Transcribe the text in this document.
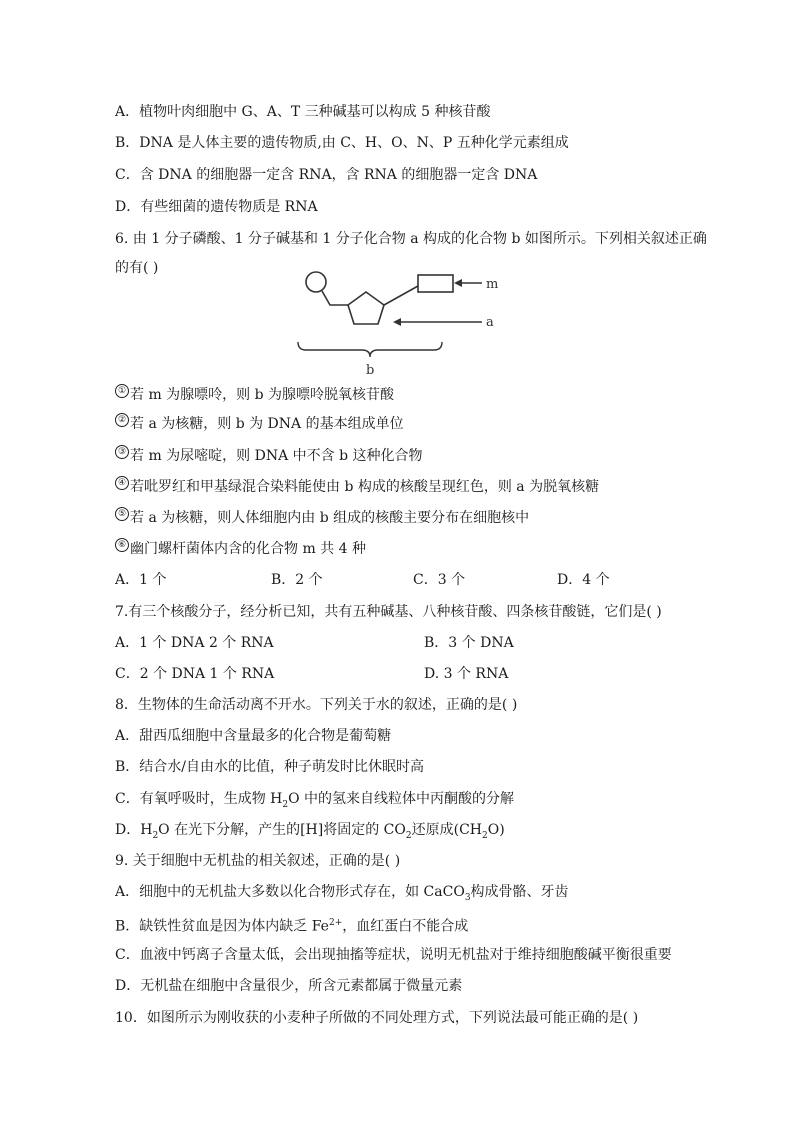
A．植物叶肉细胞中 G、A、T 三种碱基可以构成 5 种核苷酸
B．DNA 是人体主要的遗传物质,由 C、H、O、N、P 五种化学元素组成
C．含 DNA 的细胞器一定含 RNA，含 RNA 的细胞器一定含 DNA
D．有些细菌的遗传物质是 RNA
6. 由 1 分子磷酸、1 分子碱基和 1 分子化合物 a 构成的化合物 b 如图所示。下列相关叙述正确
的有( )
m
a
b
① 若 m 为腺嘌呤，则 b 为腺嘌呤脱氧核苷酸
② 若 a 为核糖，则 b 为 DNA 的基本组成单位
③ 若 m 为尿嘧啶，则 DNA 中不含 b 这种化合物
④ 若吡罗红和甲基绿混合染料能使由 b 构成的核酸呈现红色，则 a 为脱氧核糖
⑤ 若 a 为核糖，则人体细胞内由 b 组成的核酸主要分布在细胞核中
⑥ 幽门螺杆菌体内含的化合物 m 共 4 种
A．1 个	B．2 个	C．3 个	D．4 个
7.有三个核酸分子，经分析已知，共有五种碱基、八种核苷酸、四条核苷酸链，它们是( )
A．1 个 DNA 2 个 RNA	B．3 个 DNA
C．2 个 DNA 1 个 RNA	D. 3 个 RNA
8．生物体的生命活动离不开水。下列关于水的叙述，正确的是( )
A．甜西瓜细胞中含量最多的化合物是葡萄糖
B．结合水/自由水的比值，种子萌发时比休眠时高
C．有氧呼吸时，生成物 $H_2O$ 中的氢来自线粒体中丙酮酸的分解
D．$H_2O$ 在光下分解，产生的[H]将固定的 $CO_2$还原成$(CH_2O)$
9. 关于细胞中无机盐的相关叙述，正确的是( )
A．细胞中的无机盐大多数以化合物形式存在，如 CaCO$_3$构成骨骼、牙齿
B．缺铁性贫血是因为体内缺乏 $Fe^{2+}$，血红蛋白不能合成
C．血液中钙离子含量太低，会出现抽搐等症状，说明无机盐对于维持细胞酸碱平衡很重要
D．无机盐在细胞中含量很少，所含元素都属于微量元素
10．如图所示为刚收获的小麦种子所做的不同处理方式，下列说法最可能正确的是( )
